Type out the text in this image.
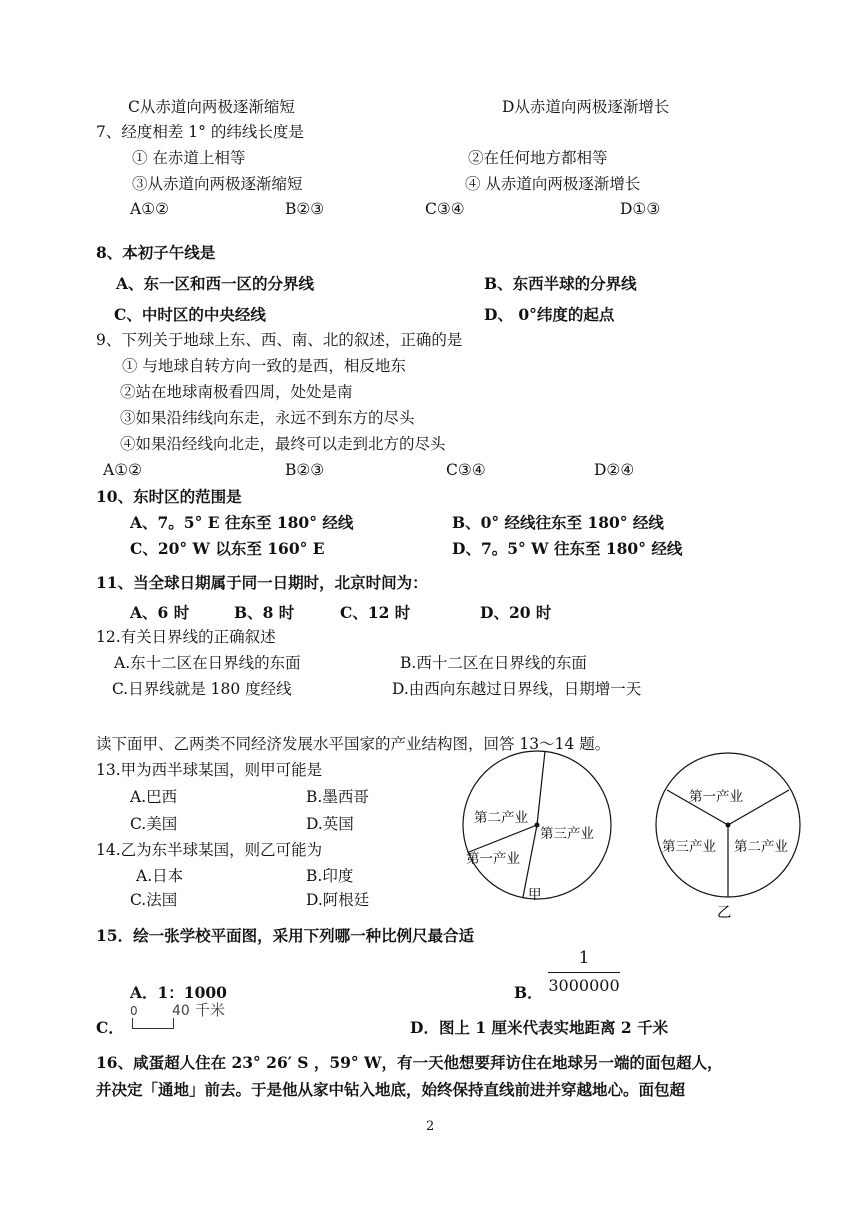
C从赤道向两极逐渐缩短	D从赤道向两极逐渐增长
7、经度相差 1° 的纬线长度是
① 在赤道上相等	②在任何地方都相等
③从赤道向两极逐渐缩短	④ 从赤道向两极逐渐增长
A①②	B②③	C③④	D①③
8、本初子午线是
A、东一区和西一区的分界线	B、东西半球的分界线
C、中时区的中央经线	D、 0°纬度的起点
9、下列关于地球上东、西、南、北的叙述，正确的是
① 与地球自转方向一致的是西，相反地东
②站在地球南极看四周，处处是南
③如果沿纬线向东走，永远不到东方的尽头
④如果沿经线向北走，最终可以走到北方的尽头
A①②	B②③	C③④	D②④
10、东时区的范围是
A、7。5° E 往东至 180° 经线	B、0° 经线往东至 180° 经线
C、20° W 以东至 160° E	D、7。5° W 往东至 180° 经线
11、当全球日期属于同一日期时，北京时间为：
A、6 时	B、8 时	C、12 时	D、20 时
12.有关日界线的正确叙述
A.东十二区在日界线的东面	B.西十二区在日界线的东面
C.日界线就是 180 度经线	D.由西向东越过日界线，日期增一天
读下面甲、乙两类不同经济发展水平国家的产业结构图，回答 13～14 题。
13.甲为西半球某国，则甲可能是
A.巴西	B.墨西哥
C.美国	D.英国
14.乙为东半球某国，则乙可能为
A.日本	B.印度
C.法国	D.阿根廷
第二产业
第三产业
第一产业
甲
第一产业
第三产业 第二产业
乙
15．绘一张学校平面图，采用下列哪一种比例尺最合适
A．1：1000	B．
1
3000000
C．
0 40 千米
D．图上 1 厘米代表实地距离 2 千米
16、咸蛋超人住在 23° 26′ S ，59° W，有一天他想要拜访住在地球另一端的面包超人，
并决定「通地」前去。于是他从家中钻入地底，始终保持直线前进并穿越地心。面包超
2
